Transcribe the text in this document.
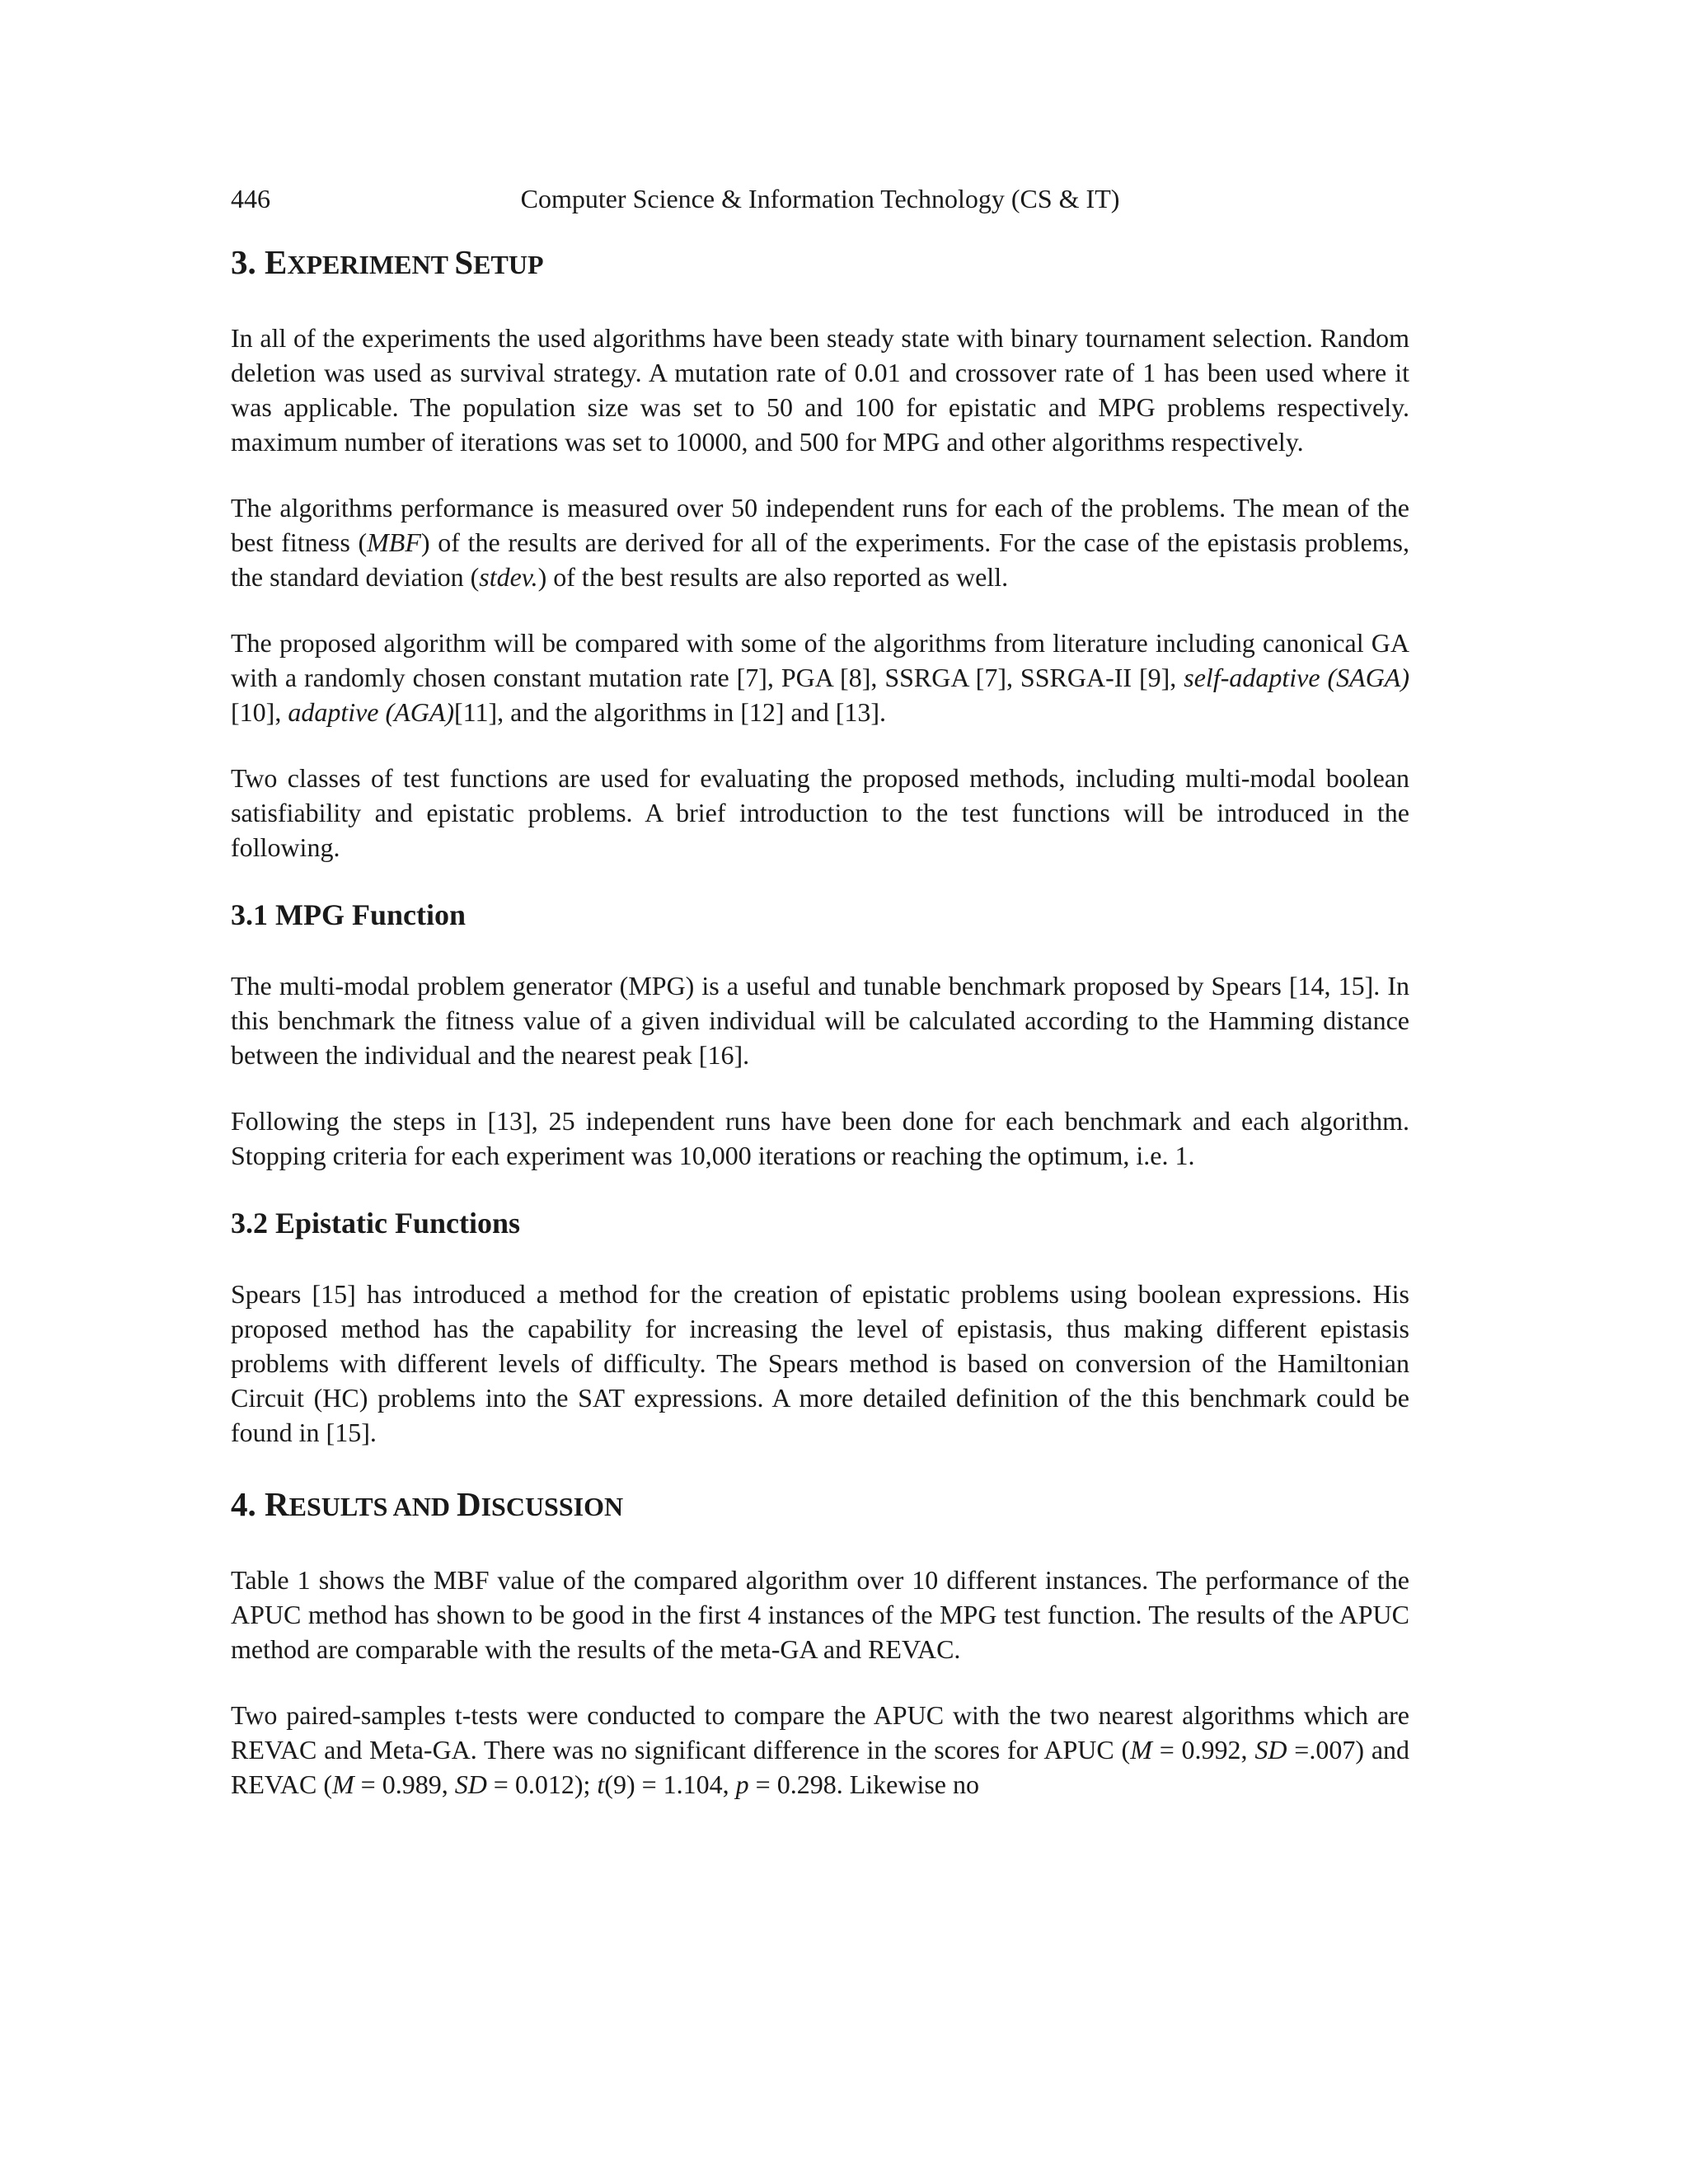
446	Computer Science & Information Technology (CS & IT)
3. EXPERIMENT SETUP

In all of the experiments the used algorithms have been steady state with binary tournament selection. Random deletion was used as survival strategy. A mutation rate of 0.01 and crossover rate of 1 has been used where it was applicable. The population size was set to 50 and 100 for epistatic and MPG problems respectively. maximum number of iterations was set to 10000, and 500 for MPG and other algorithms respectively.

The algorithms performance is measured over 50 independent runs for each of the problems. The mean of the best fitness (MBF) of the results are derived for all of the experiments. For the case of the epistasis problems, the standard deviation (stdev.) of the best results are also reported as well.

The proposed algorithm will be compared with some of the algorithms from literature including canonical GA with a randomly chosen constant mutation rate [7], PGA [8], SSRGA [7], SSRGA-II [9], self-adaptive (SAGA) [10], adaptive (AGA)[11], and the algorithms in [12] and [13].

Two classes of test functions are used for evaluating the proposed methods, including multi-modal boolean satisfiability and epistatic problems. A brief introduction to the test functions will be introduced in the following.

3.1 MPG Function

The multi-modal problem generator (MPG) is a useful and tunable benchmark proposed by Spears [14, 15]. In this benchmark the fitness value of a given individual will be calculated according to the Hamming distance between the individual and the nearest peak [16].

Following the steps in [13], 25 independent runs have been done for each benchmark and each algorithm. Stopping criteria for each experiment was 10,000 iterations or reaching the optimum, i.e. 1.

3.2 Epistatic Functions

Spears [15] has introduced a method for the creation of epistatic problems using boolean expressions. His proposed method has the capability for increasing the level of epistasis, thus making different epistasis problems with different levels of difficulty. The Spears method is based on conversion of the Hamiltonian Circuit (HC) problems into the SAT expressions. A more detailed definition of the this benchmark could be found in [15].

4. RESULTS AND DISCUSSION

Table 1 shows the MBF value of the compared algorithm over 10 different instances. The performance of the APUC method has shown to be good in the first 4 instances of the MPG test function. The results of the APUC method are comparable with the results of the meta-GA and REVAC.

Two paired-samples t-tests were conducted to compare the APUC with the two nearest algorithms which are REVAC and Meta-GA. There was no significant difference in the scores for APUC (M = 0.992, SD =.007) and REVAC (M = 0.989, SD = 0.012); t(9) = 1.104, p = 0.298. Likewise no
